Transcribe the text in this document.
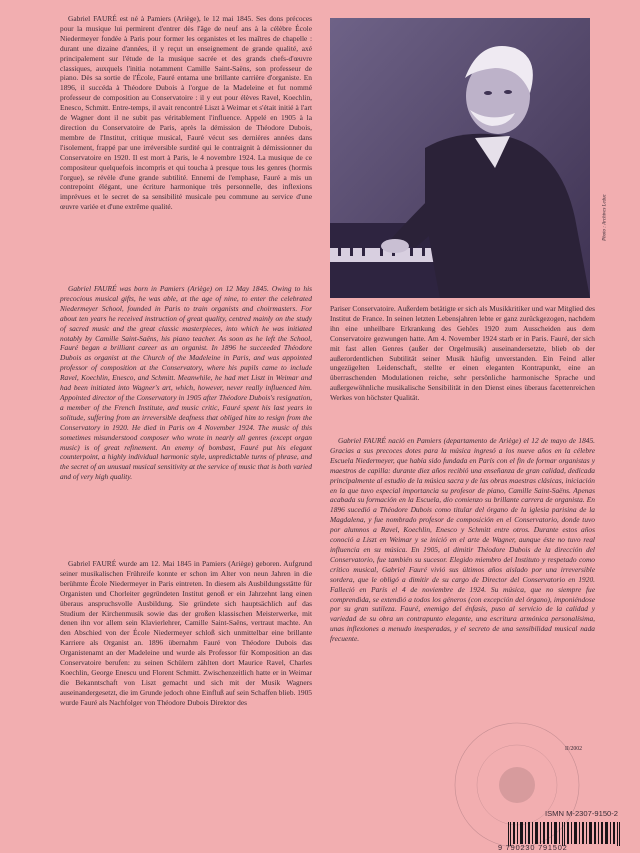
Gabriel FAURÉ est né à Pamiers (Ariège), le 12 mai 1845. Ses dons précoces pour la musique lui permirent d'entrer dès l'âge de neuf ans à la célèbre École Niedermeyer fondée à Paris pour former les organistes et les maîtres de chapelle : durant une dizaine d'années, il y reçut un enseignement de grande qualité, axé principalement sur l'étude de la musique sacrée et des grands chefs-d'œuvre classiques, auxquels l'initia notamment Camille Saint-Saëns, son professeur de piano. Dès sa sortie de l'École, Fauré entama une brillante carrière d'organiste. En 1896, il succéda à Théodore Dubois à l'orgue de la Madeleine et fut nommé professeur de composition au Conservatoire : il y eut pour élèves Ravel, Koechlin, Enesco, Schmitt. Entre-temps, il avait rencontré Liszt à Weimar et s'était initié à l'art de Wagner dont il ne subit pas véritablement l'influence. Appelé en 1905 à la direction du Conservatoire de Paris, après la démission de Théodore Dubois, membre de l'Institut, critique musical, Fauré vécut ses dernières années dans l'isolement, frappé par une irréversible surdité qui le contraignit à démissionner du Conservatoire en 1920. Il est mort à Paris, le 4 novembre 1924. La musique de ce compositeur quelquefois incompris et qui toucha à presque tous les genres (hormis l'orgue), se révèle d'une grande subtilité. Ennemi de l'emphase, Fauré a mis un contrepoint élégant, une écriture harmonique très personnelle, des inflexions imprévues et le secret de sa sensibilité musicale peu commune au service d'une œuvre variée et d'une extrême qualité.	Photo : Archives Leduc

Gabriel FAURÉ was born in Pamiers (Ariège) on 12 May 1845. Owing to his precocious musical gifts, he was able, at the age of nine, to enter the celebrated Niedermeyer School, founded in Paris to train organists and choirmasters. For about ten years he received instruction of great quality, centred mainly on the study of sacred music and the great classic masterpieces, into which he was initiated notably by Camille Saint-Saëns, his piano teacher. As soon as he left the School, Fauré began a brilliant career as an organist. In 1896 he succeeded Théodore Dubois as organist at the Church of the Madeleine in Paris, and was appointed professor of composition at the Conservatory, where his pupils came to include Ravel, Koechlin, Enesco, and Schmitt. Meanwhile, he had met Liszt in Weimar and had been initiated into Wagner's art, which, however, never really influenced him. Appointed director of the Conservatory in 1905 after Théodore Dubois's resignation, a member of the French Institute, and music critic, Fauré spent his last years in solitude, suffering from an irreversible deafness that obliged him to resign from the Conservatory in 1920. He died in Paris on 4 November 1924. The music of this sometimes misunderstood composer who wrote in nearly all genres (except organ music) is of great refinement. An enemy of bombast, Fauré put his elegant counterpoint, a highly individual harmonic style, unpredictable turns of phrase, and the secret of an unusual musical sensitivity at the service of music that is both varied and of very high quality.

Pariser Conservatoire. Außerdem betätigte er sich als Musikkritiker und war Mitglied des Institut de France. In seinen letzten Lebensjahren lebte er ganz zurückgezogen, nachdem ihn eine unheilbare Erkrankung des Gehörs 1920 zum Ausscheiden aus dem Conservatoire gezwungen hatte. Am 4. November 1924 starb er in Paris. Fauré, der sich mit fast allen Genres (außer der Orgelmusik) auseinandersetzte, blieb ob der außerordentlichen Subtilität seiner Musik häufig unverstanden. Ein Feind aller ungezügelten Leidenschaft, stellte er einen eleganten Kontrapunkt, eine an überraschenden Modulationen reiche, sehr persönliche harmonische Sprache und außergewöhnliche musikalische Sensibilität in den Dienst eines überaus facettenreichen Werkes von höchster Qualität.

Gabriel FAURÉ nació en Pamiers (departamento de Ariège) el 12 de mayo de 1845. Gracias a sus precoces dotes para la música ingresó a los nueve años en la célebre Escuela Niedermeyer, que había sido fundada en París con el fin de formar organistas y maestros de capilla: durante diez años recibió una enseñanza de gran calidad, dedicada principalmente al estudio de la música sacra y de las obras maestras clásicas, iniciación en la que tuvo especial importancia su profesor de piano, Camille Saint-Saëns. Apenas acabada su formación en la Escuela, dio comienzo su brillante carrera de organista. En 1896 sucedió a Théodore Dubois como titular del órgano de la iglesia parisina de la Magdalena, y fue nombrado profesor de composición en el Conservatorio, donde tuvo por alumnos a Ravel, Koechlin, Enesco y Schmitt entre otros. Durante estos años conoció a Liszt en Weimar y se inició en el arte de Wagner, aunque éste no tuvo real influencia en su música. En 1905, al dimitir Théodore Dubois de la dirección del Conservatorio, fue también su sucesor. Elegido miembro del Instituto y respetado como crítico musical, Gabriel Fauré vivió sus últimos años aislado por una irreversible sordera, que le obligó a dimitir de su cargo de Director del Conservatorio en 1920. Falleció en París el 4 de noviembre de 1924. Su música, que no siempre fue comprendida, se extendió a todos los géneros (con excepción del órgano), imponiéndose por su gran sutileza. Fauré, enemigo del énfasis, puso al servicio de la calidad y variedad de su obra un contrapunto elegante, una escritura armónica personalísima, unas inflexiones a menudo inesperadas, y el secreto de una sensibilidad musical nada frecuente.

Gabriel FAURÉ wurde am 12. Mai 1845 in Pamiers (Ariège) geboren. Aufgrund seiner musikalischen Frühreife konnte er schon im Alter von neun Jahren in die berühmte École Niedermeyer in Paris eintreten. In diesem als Ausbildungsstätte für Organisten und Chorleiter gegründeten Institut genoß er ein Jahrzehnt lang einen überaus anspruchsvolle Ausbildung. Sie gründete sich hauptsächlich auf das Studium der Kirchenmusik sowie das der großen klassischen Meisterwerke, mit denen ihn vor allem sein Klavierlehrer, Camille Saint-Saëns, vertraut machte. An den Abschied von der École Niedermeyer schloß sich unmittelbar eine brillante Karriere als Organist an. 1896 übernahm Fauré von Théodore Dubois das Organistenamt an der Madeleine und wurde als Professor für Komposition an das Conservatoire berufen: zu seinen Schülern zählten dort Maurice Ravel, Charles Koechlin, George Enescu und Florent Schmitt. Zwischenzeitlich hatte er in Weimar die Bekanntschaft von Liszt gemacht und sich mit der Musik Wagners auseinandergesetzt, die im Grunde jedoch ohne Einfluß auf sein Schaffen blieb. 1905 wurde Fauré als Nachfolger von Théodore Dubois Direktor des

II/2002
ISMN M-2307-9150-2
9 790230 791502
